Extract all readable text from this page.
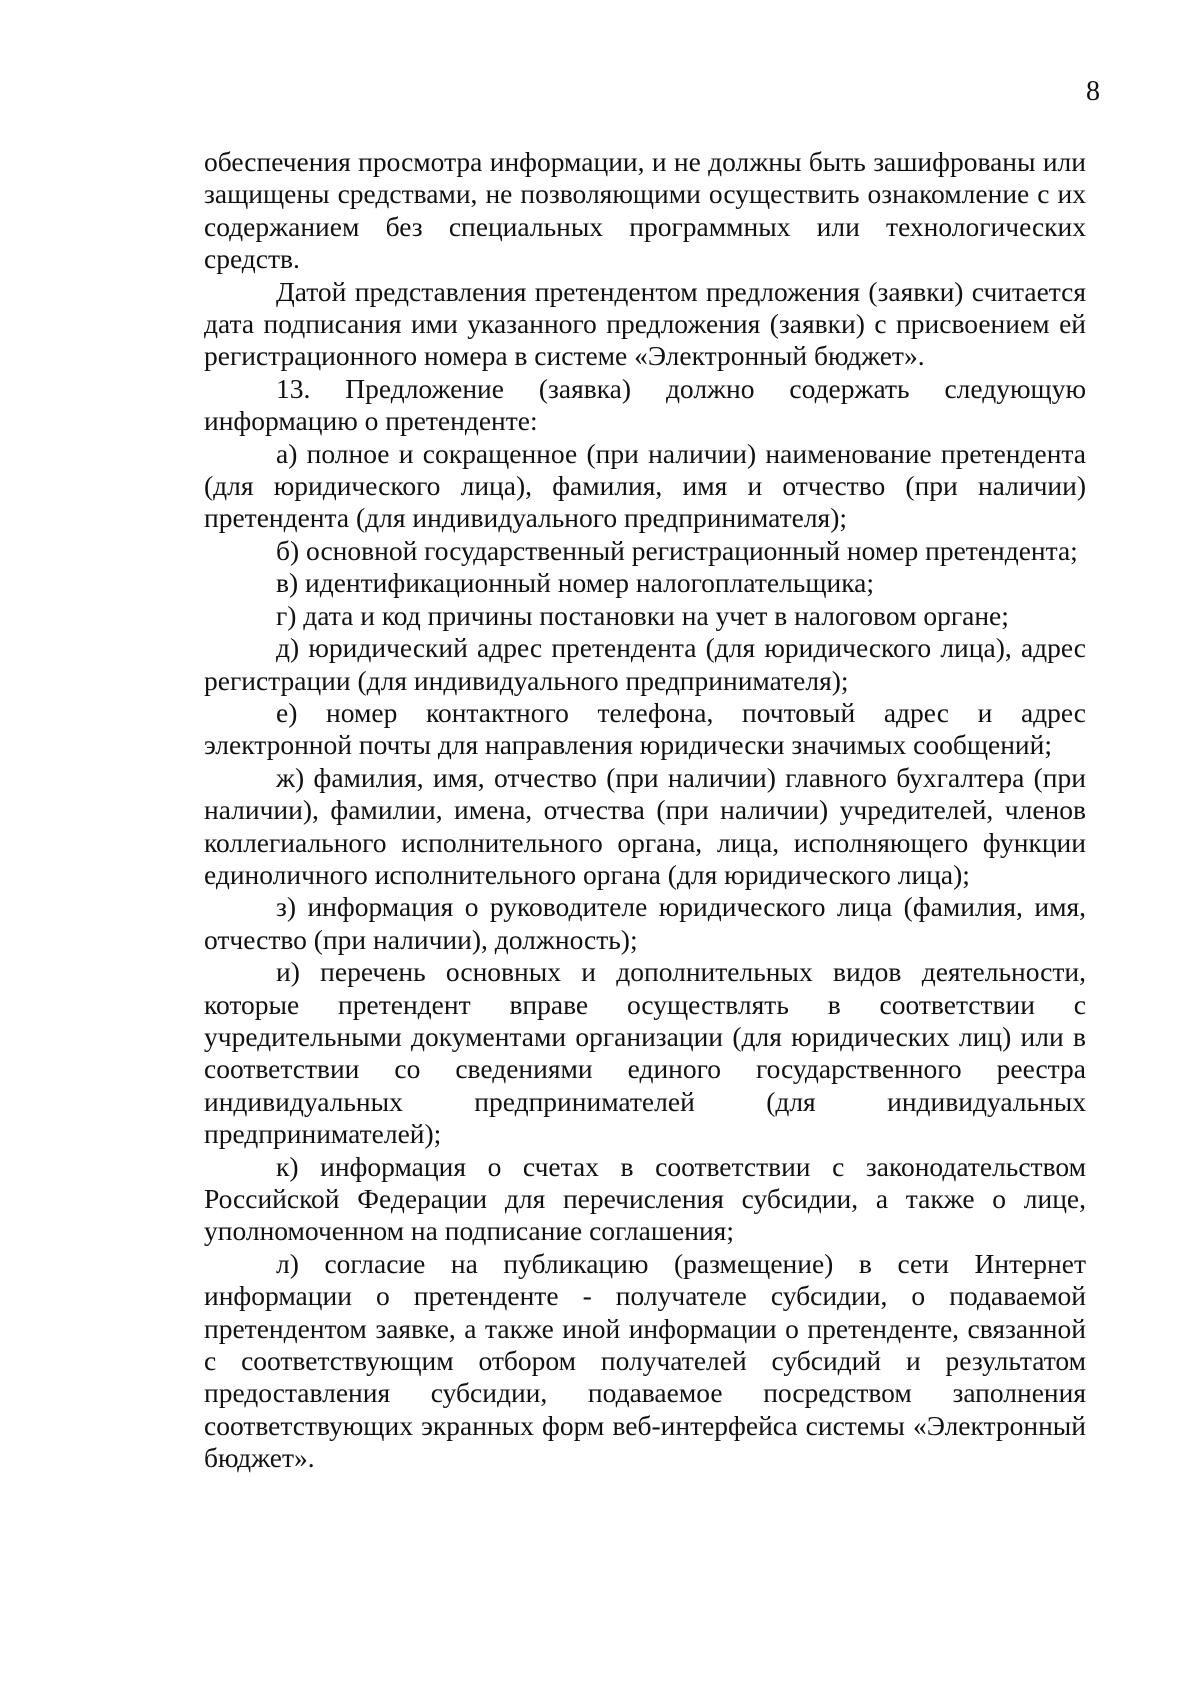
8

обеспечения просмотра информации, и не должны быть зашифрованы или защищены средствами, не позволяющими осуществить ознакомление с их содержанием без специальных программных или технологических средств.

Датой представления претендентом предложения (заявки) считается дата подписания ими указанного предложения (заявки) с присвоением ей регистрационного номера в системе «Электронный бюджет».

13. Предложение (заявка) должно содержать следующую информацию о претенденте:

а) полное и сокращенное (при наличии) наименование претендента (для юридического лица), фамилия, имя и отчество (при наличии) претендента (для индивидуального предпринимателя);

б) основной государственный регистрационный номер претендента;

в) идентификационный номер налогоплательщика;

г) дата и код причины постановки на учет в налоговом органе;

д) юридический адрес претендента (для юридического лица), адрес регистрации (для индивидуального предпринимателя);

е) номер контактного телефона, почтовый адрес и адрес электронной почты для направления юридически значимых сообщений;

ж) фамилия, имя, отчество (при наличии) главного бухгалтера (при наличии), фамилии, имена, отчества (при наличии) учредителей, членов коллегиального исполнительного органа, лица, исполняющего функции единоличного исполнительного органа (для юридического лица);

з) информация о руководителе юридического лица (фамилия, имя, отчество (при наличии), должность);

и) перечень основных и дополнительных видов деятельности, которые претендент вправе осуществлять в соответствии с учредительными документами организации (для юридических лиц) или в соответствии со сведениями единого государственного реестра индивидуальных предпринимателей (для индивидуальных предпринимателей);

к) информация о счетах в соответствии с законодательством Российской Федерации для перечисления субсидии, а также о лице, уполномоченном на подписание соглашения;

л) согласие на публикацию (размещение) в сети Интернет информации о претенденте - получателе субсидии, о подаваемой претендентом заявке, а также иной информации о претенденте, связанной с соответствующим отбором получателей субсидий и результатом предоставления субсидии, подаваемое посредством заполнения соответствующих экранных форм веб-интерфейса системы «Электронный бюджет».
